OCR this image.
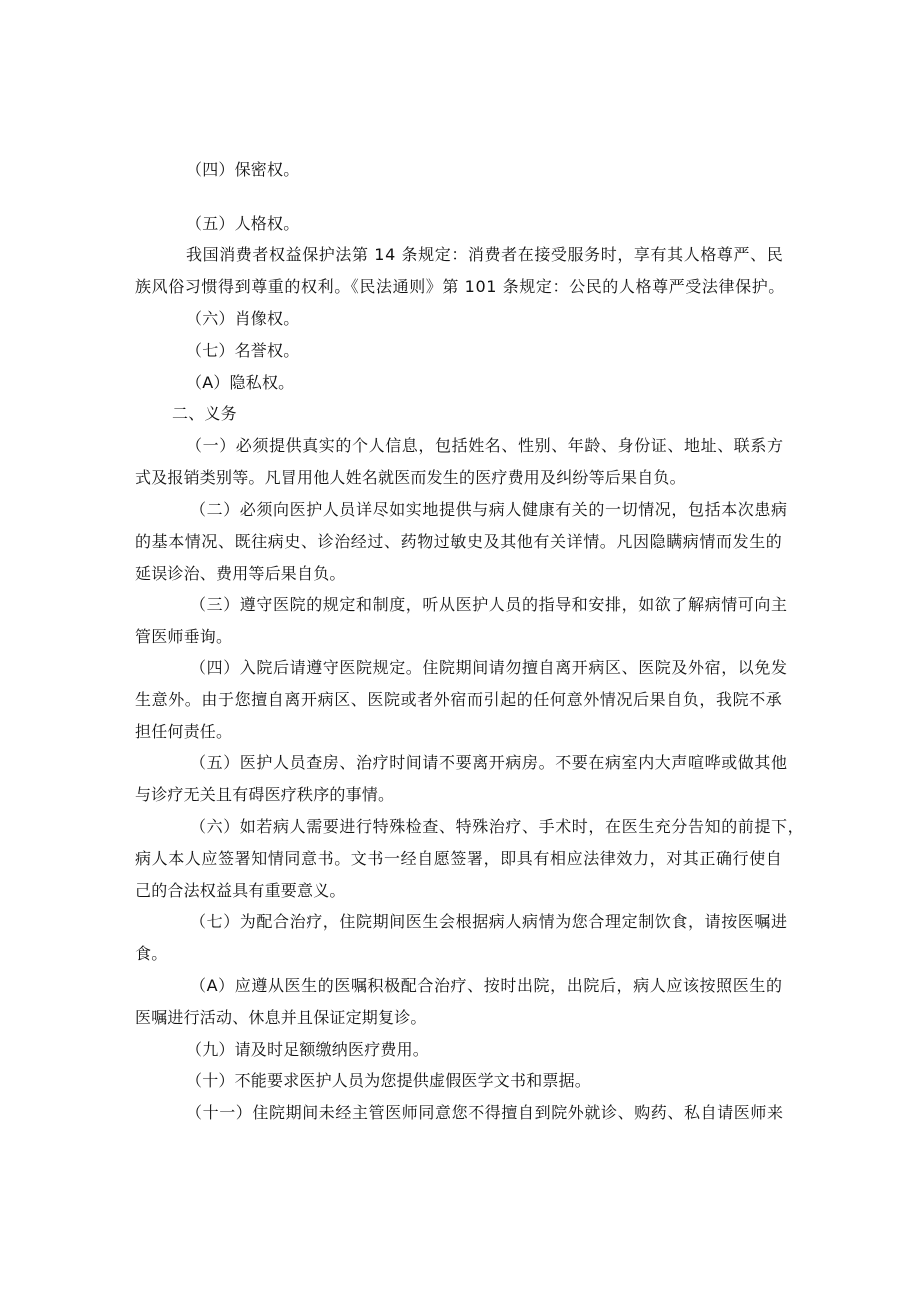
（四）保密权。
（五）人格权。
我国消费者权益保护法第 14 条规定：消费者在接受服务时，享有其人格尊严、民
族风俗习惯得到尊重的权利。《民法通则》第 101 条规定：公民的人格尊严受法律保护。
（六）肖像权。
（七）名誉权。
（A）隐私权。
二、义务
（一）必须提供真实的个人信息，包括姓名、性别、年龄、身份证、地址、联系方
式及报销类别等。凡冒用他人姓名就医而发生的医疗费用及纠纷等后果自负。
（二）必须向医护人员详尽如实地提供与病人健康有关的一切情况，包括本次患病
的基本情况、既往病史、诊治经过、药物过敏史及其他有关详情。凡因隐瞒病情而发生的
延误诊治、费用等后果自负。
（三）遵守医院的规定和制度，听从医护人员的指导和安排，如欲了解病情可向主
管医师垂询。
（四）入院后请遵守医院规定。住院期间请勿擅自离开病区、医院及外宿，以免发
生意外。由于您擅自离开病区、医院或者外宿而引起的任何意外情况后果自负，我院不承
担任何责任。
（五）医护人员查房、治疗时间请不要离开病房。不要在病室内大声喧哗或做其他
与诊疗无关且有碍医疗秩序的事情。
（六）如若病人需要进行特殊检查、特殊治疗、手术时，在医生充分告知的前提下，
病人本人应签署知情同意书。文书一经自愿签署，即具有相应法律效力，对其正确行使自
己的合法权益具有重要意义。
（七）为配合治疗，住院期间医生会根据病人病情为您合理定制饮食，请按医嘱进
食。
（A）应遵从医生的医嘱积极配合治疗、按时出院，出院后，病人应该按照医生的
医嘱进行活动、休息并且保证定期复诊。
（九）请及时足额缴纳医疗费用。
（十）不能要求医护人员为您提供虚假医学文书和票据。
（十一）住院期间未经主管医师同意您不得擅自到院外就诊、购药、私自请医师来
